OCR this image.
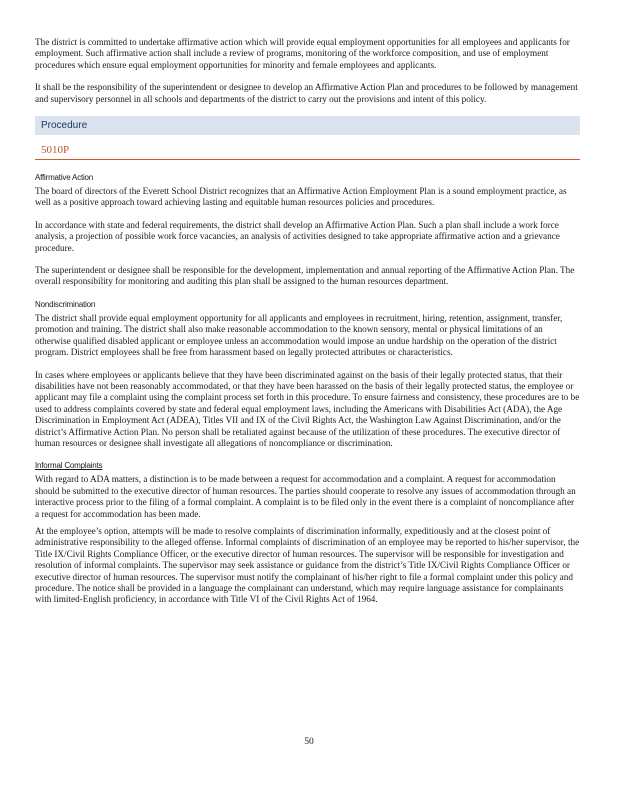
The district is committed to undertake affirmative action which will provide equal employment opportunities for all employees and applicants for employment. Such affirmative action shall include a review of programs, monitoring of the workforce composition, and use of employment procedures which ensure equal employment opportunities for minority and female employees and applicants.

It shall be the responsibility of the superintendent or designee to develop an Affirmative Action Plan and procedures to be followed by management and supervisory personnel in all schools and departments of the district to carry out the provisions and intent of this policy.

Procedure
5010P
Affirmative Action

The board of directors of the Everett School District recognizes that an Affirmative Action Employment Plan is a sound employment practice, as well as a positive approach toward achieving lasting and equitable human resources policies and procedures.

In accordance with state and federal requirements, the district shall develop an Affirmative Action Plan. Such a plan shall include a work force analysis, a projection of possible work force vacancies, an analysis of activities designed to take appropriate affirmative action and a grievance procedure.

The superintendent or designee shall be responsible for the development, implementation and annual reporting of the Affirmative Action Plan. The overall responsibility for monitoring and auditing this plan shall be assigned to the human resources department.

Nondiscrimination

The district shall provide equal employment opportunity for all applicants and employees in recruitment, hiring, retention, assignment, transfer, promotion and training. The district shall also make reasonable accommodation to the known sensory, mental or physical limitations of an otherwise qualified disabled applicant or employee unless an accommodation would impose an undue hardship on the operation of the district program. District employees shall be free from harassment based on legally protected attributes or characteristics.

In cases where employees or applicants believe that they have been discriminated against on the basis of their legally protected status, that their disabilities have not been reasonably accommodated, or that they have been harassed on the basis of their legally protected status, the employee or applicant may file a complaint using the complaint process set forth in this procedure. To ensure fairness and consistency, these procedures are to be used to address complaints covered by state and federal equal employment laws, including the Americans with Disabilities Act (ADA), the Age Discrimination in Employment Act (ADEA), Titles VII and IX of the Civil Rights Act, the Washington Law Against Discrimination, and/or the district’s Affirmative Action Plan. No person shall be retaliated against because of the utilization of these procedures. The executive director of human resources or designee shall investigate all allegations of noncompliance or discrimination.

Informal Complaints

With regard to ADA matters, a distinction is to be made between a request for accommodation and a complaint. A request for accommodation should be submitted to the executive director of human resources. The parties should cooperate to resolve any issues of accommodation through an interactive process prior to the filing of a formal complaint. A complaint is to be filed only in the event there is a complaint of noncompliance after a request for accommodation has been made.

At the employee’s option, attempts will be made to resolve complaints of discrimination informally, expeditiously and at the closest point of administrative responsibility to the alleged offense. Informal complaints of discrimination of an employee may be reported to his/her supervisor, the Title IX/Civil Rights Compliance Officer, or the executive director of human resources. The supervisor will be responsible for investigation and resolution of informal complaints. The supervisor may seek assistance or guidance from the district’s Title IX/Civil Rights Compliance Officer or executive director of human resources. The supervisor must notify the complainant of his/her right to file a formal complaint under this policy and procedure. The notice shall be provided in a language the complainant can understand, which may require language assistance for complainants with limited-English proficiency, in accordance with Title VI of the Civil Rights Act of 1964.

50
